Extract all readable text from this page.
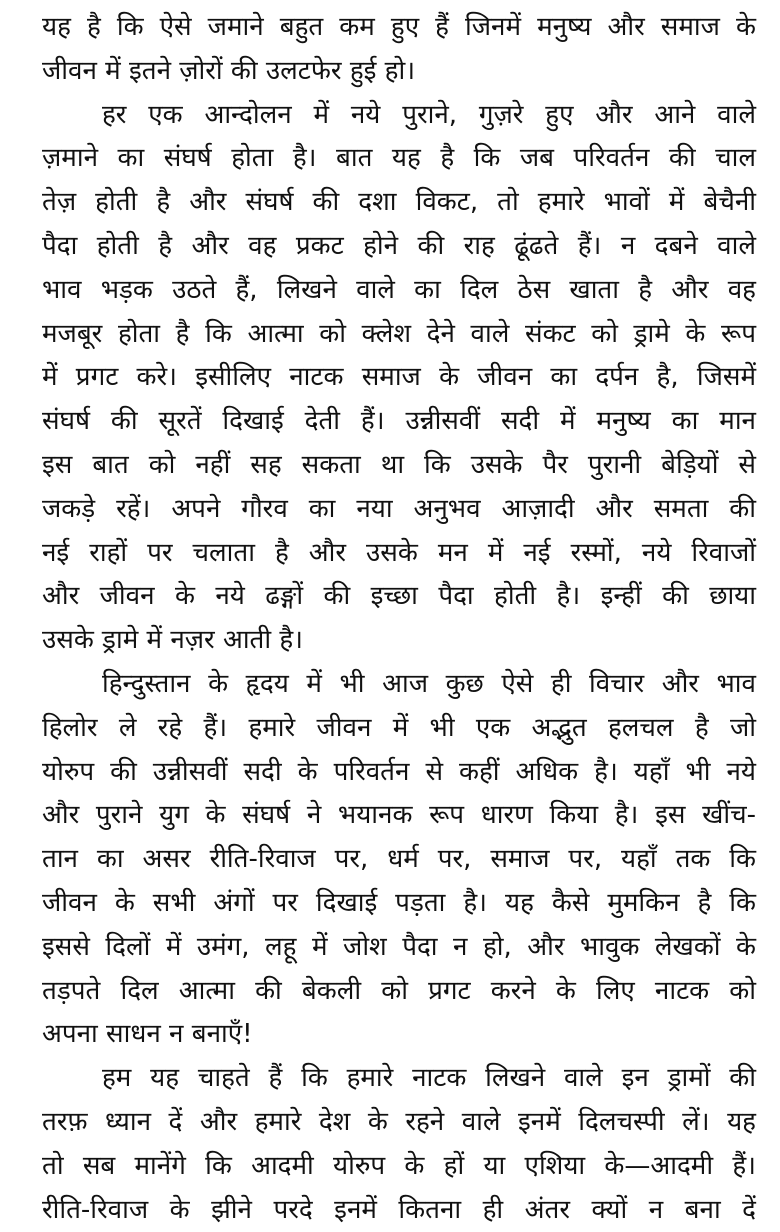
यह है कि ऐसे जमाने बहुत कम हुए हैं जिनमें मनुष्य और समाज के
जीवन में इतने ज़ोरों की उलटफेर हुई हो।
हर एक आन्दोलन में नये पुराने, गुज़रे हुए और आने वाले
ज़माने का संघर्ष होता है। बात यह है कि जब परिवर्तन की चाल
तेज़ होती है और संघर्ष की दशा विकट, तो हमारे भावों में बेचैनी
पैदा होती है और वह प्रकट होने की राह ढूंढते हैं। न दबने वाले
भाव भड़क उठते हैं, लिखने वाले का दिल ठेस खाता है और वह
मजबूर होता है कि आत्मा को क्लेश देने वाले संकट को ड्रामे के रूप
में प्रगट करे। इसीलिए नाटक समाज के जीवन का दर्पन है, जिसमें
संघर्ष की सूरतें दिखाई देती हैं। उन्नीसवीं सदी में मनुष्य का मान
इस बात को नहीं सह सकता था कि उसके पैर पुरानी बेड़ियों से
जकड़े रहें। अपने गौरव का नया अनुभव आज़ादी और समता की
नई राहों पर चलाता है और उसके मन में नई रस्मों, नये रिवाजों
और जीवन के नये ढङ्गों की इच्छा पैदा होती है। इन्हीं की छाया
उसके ड्रामे में नज़र आती है।
हिन्दुस्तान के हृदय में भी आज कुछ ऐसे ही विचार और भाव
हिलोर ले रहे हैं। हमारे जीवन में भी एक अद्भुत हलचल है जो
योरुप की उन्नीसवीं सदी के परिवर्तन से कहीं अधिक है। यहाँ भी नये
और पुराने युग के संघर्ष ने भयानक रूप धारण किया है। इस खींच-
तान का असर रीति-रिवाज पर, धर्म पर, समाज पर, यहाँ तक कि
जीवन के सभी अंगों पर दिखाई पड़ता है। यह कैसे मुमकिन है कि
इससे दिलों में उमंग, लहू में जोश पैदा न हो, और भावुक लेखकों के
तड़पते दिल आत्मा की बेकली को प्रगट करने के लिए नाटक को
अपना साधन न बनाएँ!
हम यह चाहते हैं कि हमारे नाटक लिखने वाले इन ड्रामों की
तरफ़ ध्यान दें और हमारे देश के रहने वाले इनमें दिलचस्पी लें। यह
तो सब मानेंगे कि आदमी योरुप के हों या एशिया के—आदमी हैं।
रीति-रिवाज के झीने परदे इनमें कितना ही अंतर क्यों न बना दें
